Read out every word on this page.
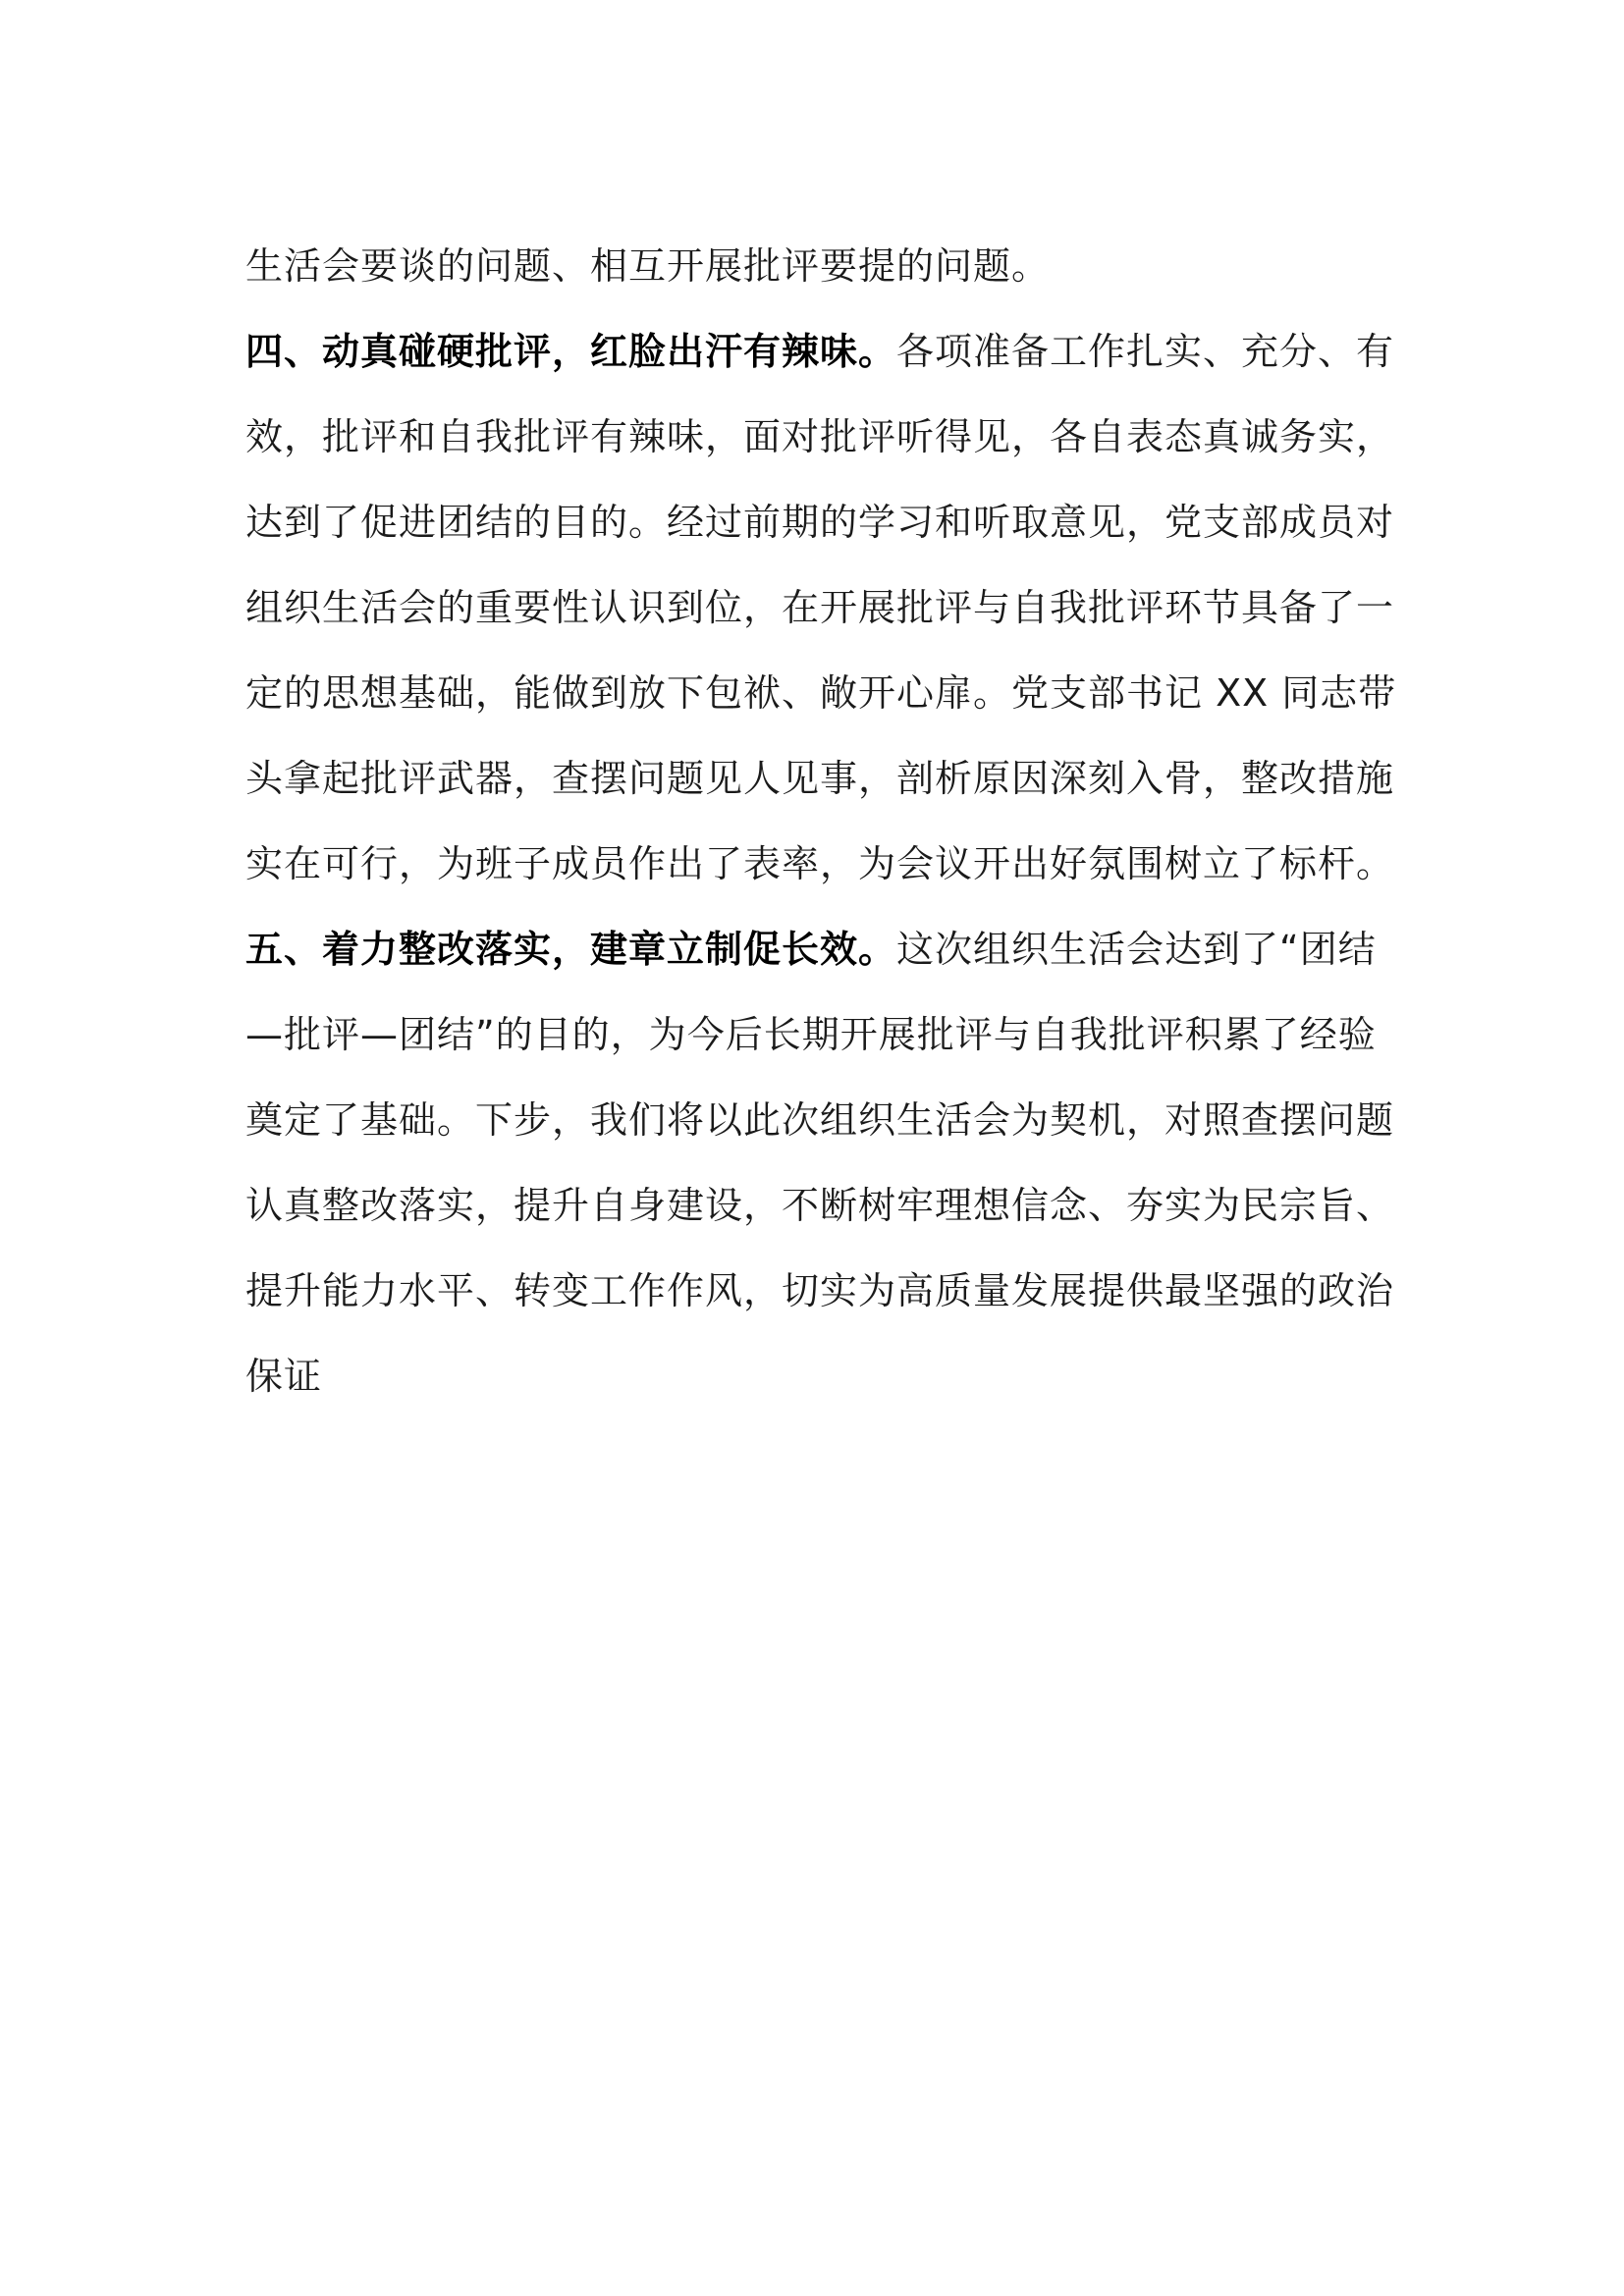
生活会要谈的问题、相互开展批评要提的问题。
四、动真碰硬批评，红脸出汗有辣味。各项准备工作扎实、充分、有
效，批评和自我批评有辣味，面对批评听得见，各自表态真诚务实，
达到了促进团结的目的。经过前期的学习和听取意见，党支部成员对
组织生活会的重要性认识到位，在开展批评与自我批评环节具备了一
定的思想基础，能做到放下包袱、敞开心扉。党支部书记 XX 同志带
头拿起批评武器，查摆问题见人见事，剖析原因深刻入骨，整改措施
实在可行，为班子成员作出了表率，为会议开出好氛围树立了标杆。
五、着力整改落实，建章立制促长效。这次组织生活会达到了“团结
—批评—团结”的目的，为今后长期开展批评与自我批评积累了经验
奠定了基础。下步，我们将以此次组织生活会为契机，对照查摆问题
认真整改落实，提升自身建设，不断树牢理想信念、夯实为民宗旨、
提升能力水平、转变工作作风，切实为高质量发展提供最坚强的政治
保证
